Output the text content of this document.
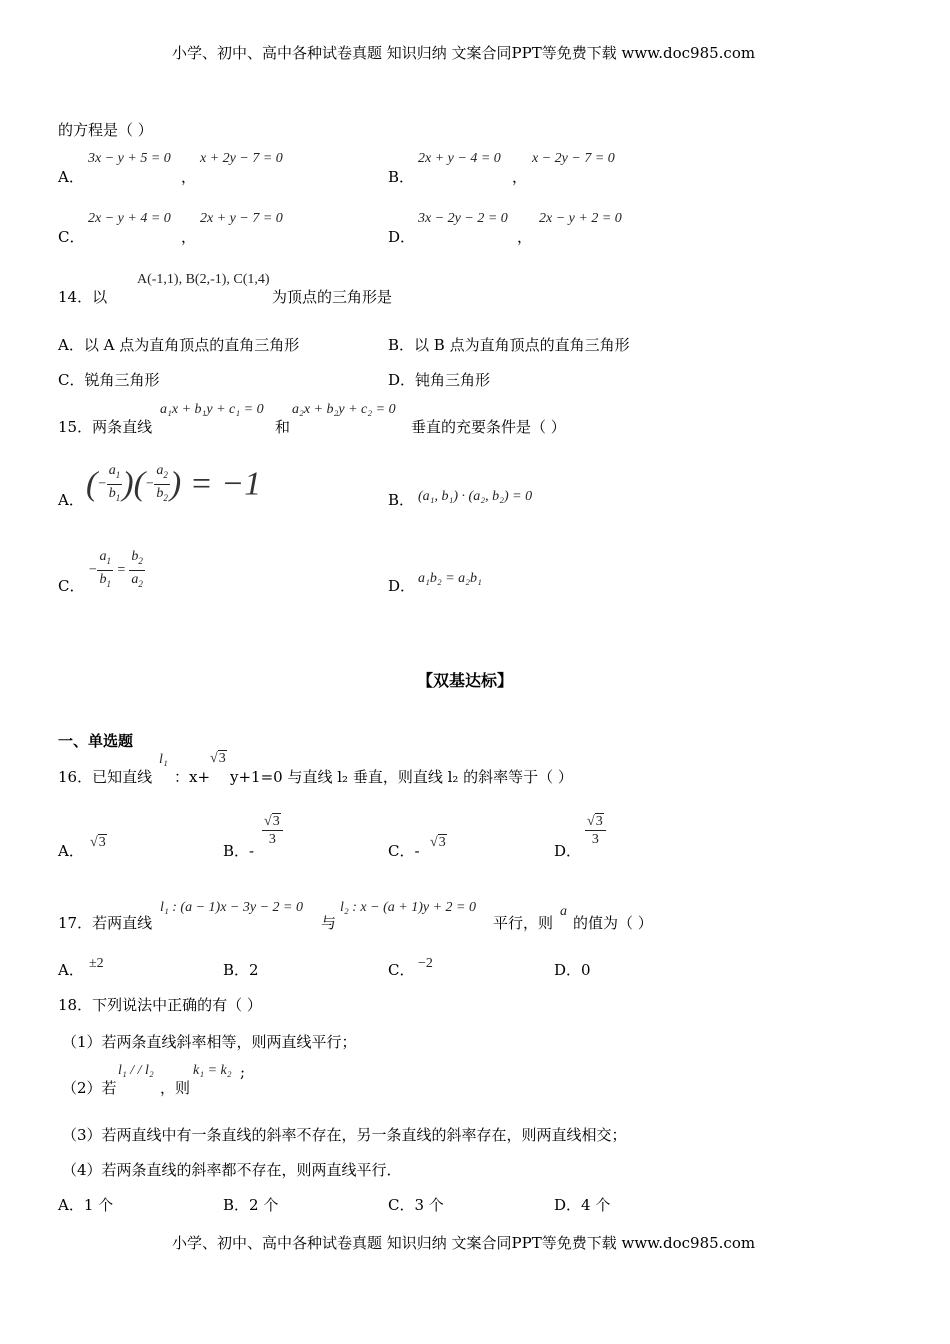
小学、初中、高中各种试卷真题 知识归纳 文案合同PPT等免费下载 www.doc985.com
的方程是（ ）
A．
3x − y + 5 = 0
，
x + 2y − 7 = 0
B．
2x + y − 4 = 0
，
x − 2y − 7 = 0
C．
2x − y + 4 = 0
，
2x + y − 7 = 0
D．
3x − 2y − 2 = 0
，
2x − y + 2 = 0
14．以
A(-1,1), B(2,-1), C(1,4)
为顶点的三角形是
A．以 A 点为直角顶点的直角三角形	B．以 B 点为直角顶点的直角三角形
C．锐角三角形	D．钝角三角形
15．两条直线
a₁x + b₁y + c₁ = 0
和
a₂x + b₂y + c₂ = 0
垂直的充要条件是（ ）
A． (− $\frac{a_1}{b_1}$ )(− $\frac{a_2}{b_2}$ ) = −1	B． (a₁, b₁) · (a₂, b₂) = 0
C．
− $\frac{a_1}{b_1} = \frac{b_2}{a_2}$	D． a₁b₂ = a₂b₁
【双基达标】
一、单选题
16．已知直线
l₁
：x+
√3
y+1=0 与直线 l₂ 垂直，则直线 l₂ 的斜率等于（ ）
A． √3	B．-
$\frac{√3}{3}$
C．- √3	D．
$\frac{√3}{3}$
17．若两直线
l₁ : (a − 1)x − 3y − 2 = 0
与
l₂ : x − (a + 1)y + 2 = 0
平行，则
a
的值为（ ）
A． ±2	B．2	C． −2	D．0
18．下列说法中正确的有（ ）
（1）若两条直线斜率相等，则两直线平行；
（2）若
l₁ / / l₂
，则
k₁ = k₂ ;
（3）若两直线中有一条直线的斜率不存在，另一条直线的斜率存在，则两直线相交；
（4）若两条直线的斜率都不存在，则两直线平行．
A．1 个	B．2 个	C．3 个	D．4 个
小学、初中、高中各种试卷真题 知识归纳 文案合同PPT等免费下载 www.doc985.com
